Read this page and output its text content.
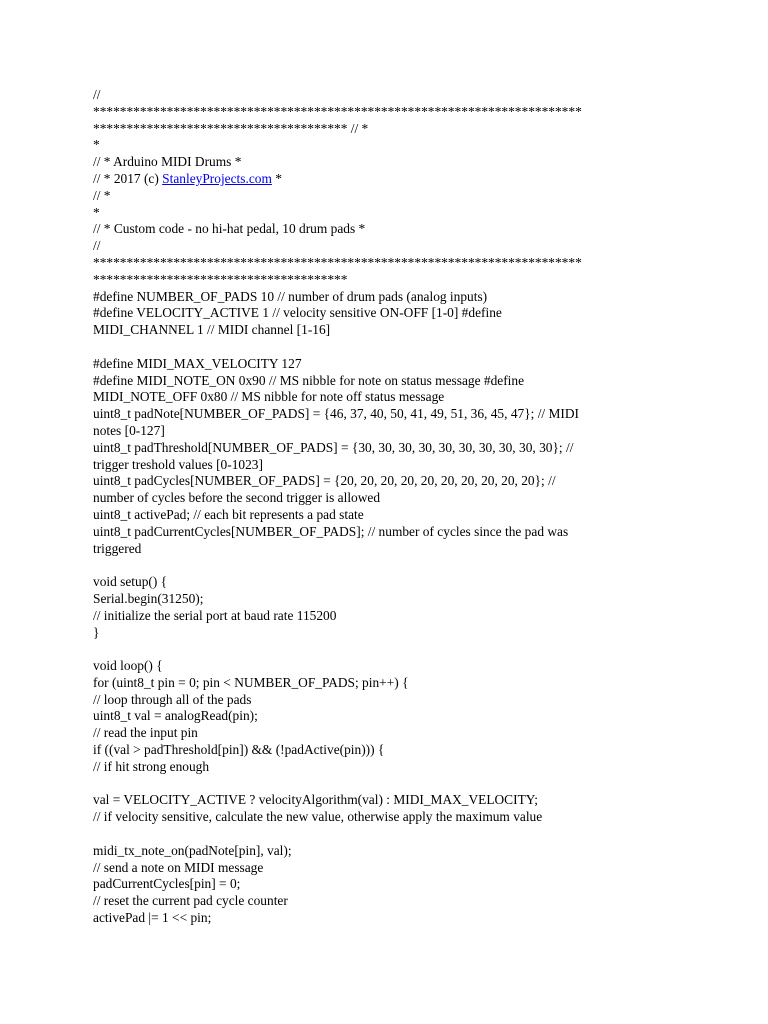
//
*************************************************************************
************************************** // *
*
// * Arduino MIDI Drums *
// * 2017 (c) StanleyProjects.com *
// *
*
// * Custom code - no hi-hat pedal, 10 drum pads *
//
*************************************************************************
**************************************
#define NUMBER_OF_PADS 10 // number of drum pads (analog inputs)
#define VELOCITY_ACTIVE 1 // velocity sensitive ON-OFF [1-0] #define
MIDI_CHANNEL 1 // MIDI channel [1-16]
#define MIDI_MAX_VELOCITY 127
#define MIDI_NOTE_ON 0x90 // MS nibble for note on status message #define
MIDI_NOTE_OFF 0x80 // MS nibble for note off status message
uint8_t padNote[NUMBER_OF_PADS] = {46, 37, 40, 50, 41, 49, 51, 36, 45, 47}; // MIDI
notes [0-127]
uint8_t padThreshold[NUMBER_OF_PADS] = {30, 30, 30, 30, 30, 30, 30, 30, 30, 30}; //
trigger treshold values [0-1023]
uint8_t padCycles[NUMBER_OF_PADS] = {20, 20, 20, 20, 20, 20, 20, 20, 20, 20}; //
number of cycles before the second trigger is allowed
uint8_t activePad; // each bit represents a pad state
uint8_t padCurrentCycles[NUMBER_OF_PADS]; // number of cycles since the pad was
triggered
void setup() {
Serial.begin(31250);
// initialize the serial port at baud rate 115200
}
void loop() {
for (uint8_t pin = 0; pin < NUMBER_OF_PADS; pin++) {
// loop through all of the pads
uint8_t val = analogRead(pin);
// read the input pin
if ((val > padThreshold[pin]) && (!padActive(pin))) {
// if hit strong enough
val = VELOCITY_ACTIVE ? velocityAlgorithm(val) : MIDI_MAX_VELOCITY;
// if velocity sensitive, calculate the new value, otherwise apply the maximum value
midi_tx_note_on(padNote[pin], val);
// send a note on MIDI message
padCurrentCycles[pin] = 0;
// reset the current pad cycle counter
activePad |= 1 << pin;
